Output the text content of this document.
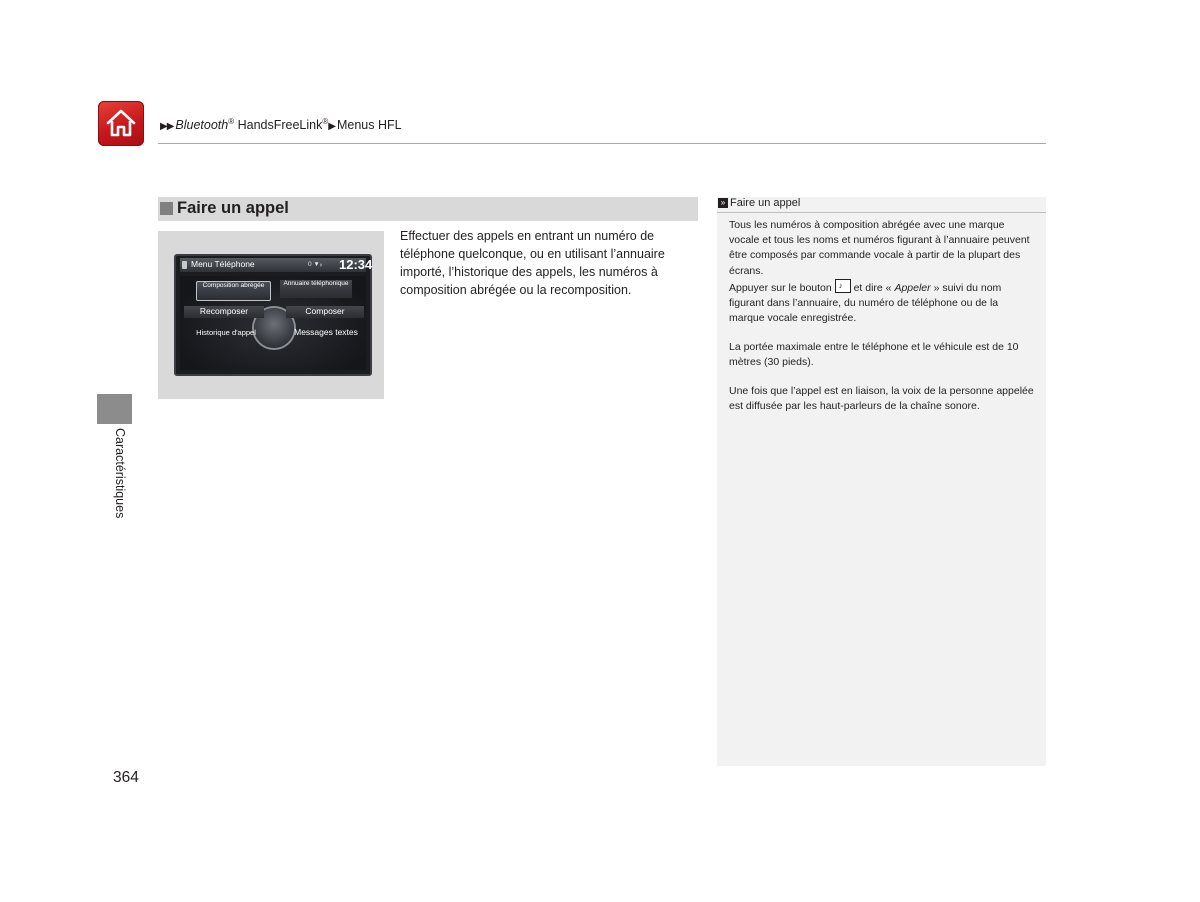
▶▶ Bluetooth® HandsFreeLink®▶ Menus HFL
Faire un appel
Menu Téléphone	0 ▼ᵢₗ 12:34
Composition abrégée	Annuaire téléphonique
Recomposer	Composer
Historique d'appel	Messages textes
Effectuer des appels en entrant un numéro de téléphone quelconque, ou en utilisant l’annuaire importé, l’historique des appels, les numéros à composition abrégée ou la recomposition.
Caractéristiques
364
» Faire un appel

Tous les numéros à composition abrégée avec une marque vocale et tous les noms et numéros figurant à l’annuaire peuvent être composés par commande vocale à partir de la plupart des écrans.
Appuyer sur le bouton ♪ et dire « Appeler » suivi du nom figurant dans l’annuaire, du numéro de téléphone ou de la marque vocale enregistrée.

La portée maximale entre le téléphone et le véhicule est de 10 mètres (30 pieds).

Une fois que l’appel est en liaison, la voix de la personne appelée est diffusée par les haut-parleurs de la chaîne sonore.
